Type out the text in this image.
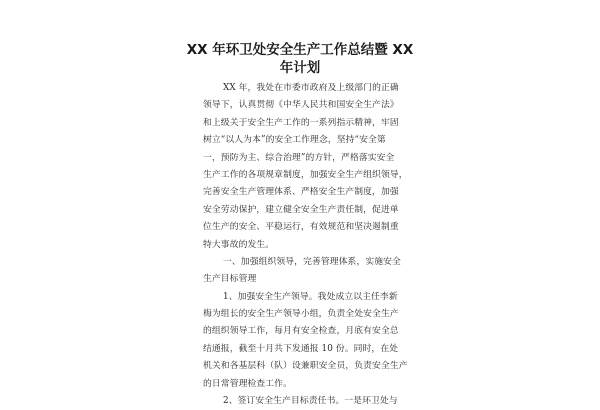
XX 年环卫处安全生产工作总结暨 XX
年计划
XX 年，我处在市委市政府及上级部门的正确
领导下，认真贯彻《中华人民共和国安全生产法》
和上级关于安全生产工作的一系列指示精神，牢固
树立“以人为本”的安全工作理念，坚持“安全第
一，预防为主、综合治理”的方针，严格落实安全
生产工作的各项规章制度，加强安全生产组织领导，
完善安全生产管理体系、严格安全生产制度，加强
安全劳动保护，建立健全安全生产责任制，促进单
位生产的安全、平稳运行，有效规范和坚决遏制重
特大事故的发生。
一、加强组织领导，完善管理体系，实施安全
生产目标管理
1、加强安全生产领导。我处成立以主任李新
梅为组长的安全生产领导小组，负责全处安全生产
的组织领导工作，每月有安全检查，月底有安全总
结通报，截至十月共下发通报 10 份。同时，在处
机关和各基层科（队）设兼职安全员，负责安全生产
的日常管理检查工作。
2、签订安全生产目标责任书。一是环卫处与
